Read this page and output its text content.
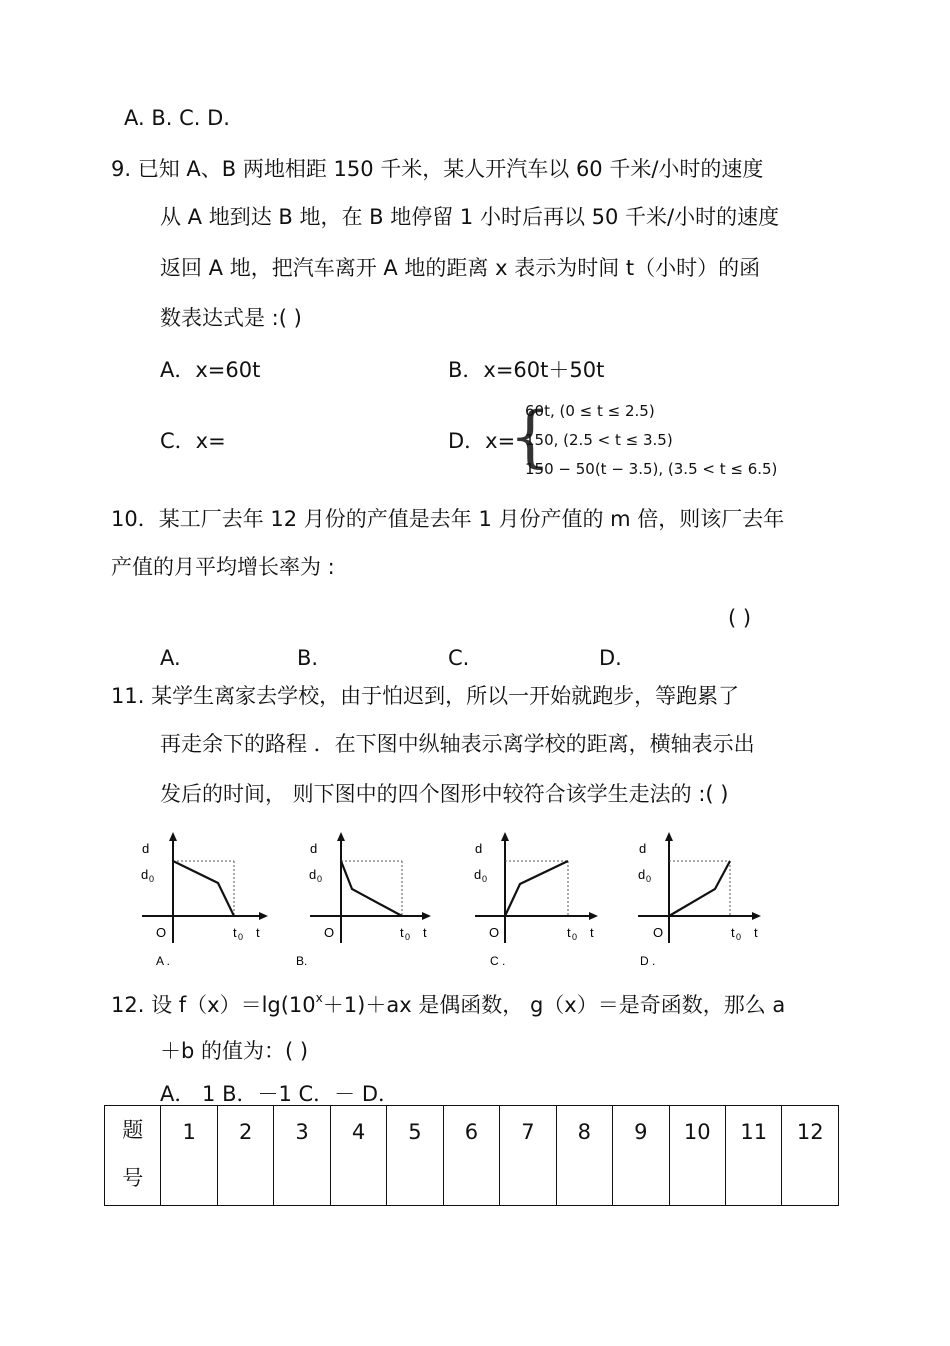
A. B. C. D.
9. 已知 A、B 两地相距 150 千米，某人开汽车以 60 千米/小时的速度
从 A 地到达 B 地，在 B 地停留 1 小时后再以 50 千米/小时的速度
返回 A 地，把汽车离开 A 地的距离 x 表示为时间 t（小时）的函
数表达式是 :( )
A．x=60t	B．x=60t＋50t
C．x=	D．x=
{
60t, (0 ≤ t ≤ 2.5)
150, (2.5 < t ≤ 3.5)
150 − 50(t − 3.5), (3.5 < t ≤ 6.5)
10．某工厂去年 12 月份的产值是去年 1 月份产值的 m 倍，则该厂去年
产值的月平均增长率为 :
( )
A.	B.	C.	D.
11. 某学生离家去学校，由于怕迟到，所以一开始就跑步，等跑累了
再走余下的路程 ．在下图中纵轴表示离学校的距离，横轴表示出
发后的时间， 则下图中的四个图形中较符合该学生走法的 :( )
d
d 0
O	t 0 t
A .
d
d 0
O	t 0 t
B.
d
d 0
O	t 0 t
C .
d
d 0
O	t 0 t
D .
12. 设 $f(x)=\lg(10^x+1)+ax$ 是偶函数， g（x）＝是奇函数，那么 a
＋b 的值为：( )
A． 1 B．－1 C．－ D．
题
号	1	2	3	4	5	6	7	8	9	10	11	12
